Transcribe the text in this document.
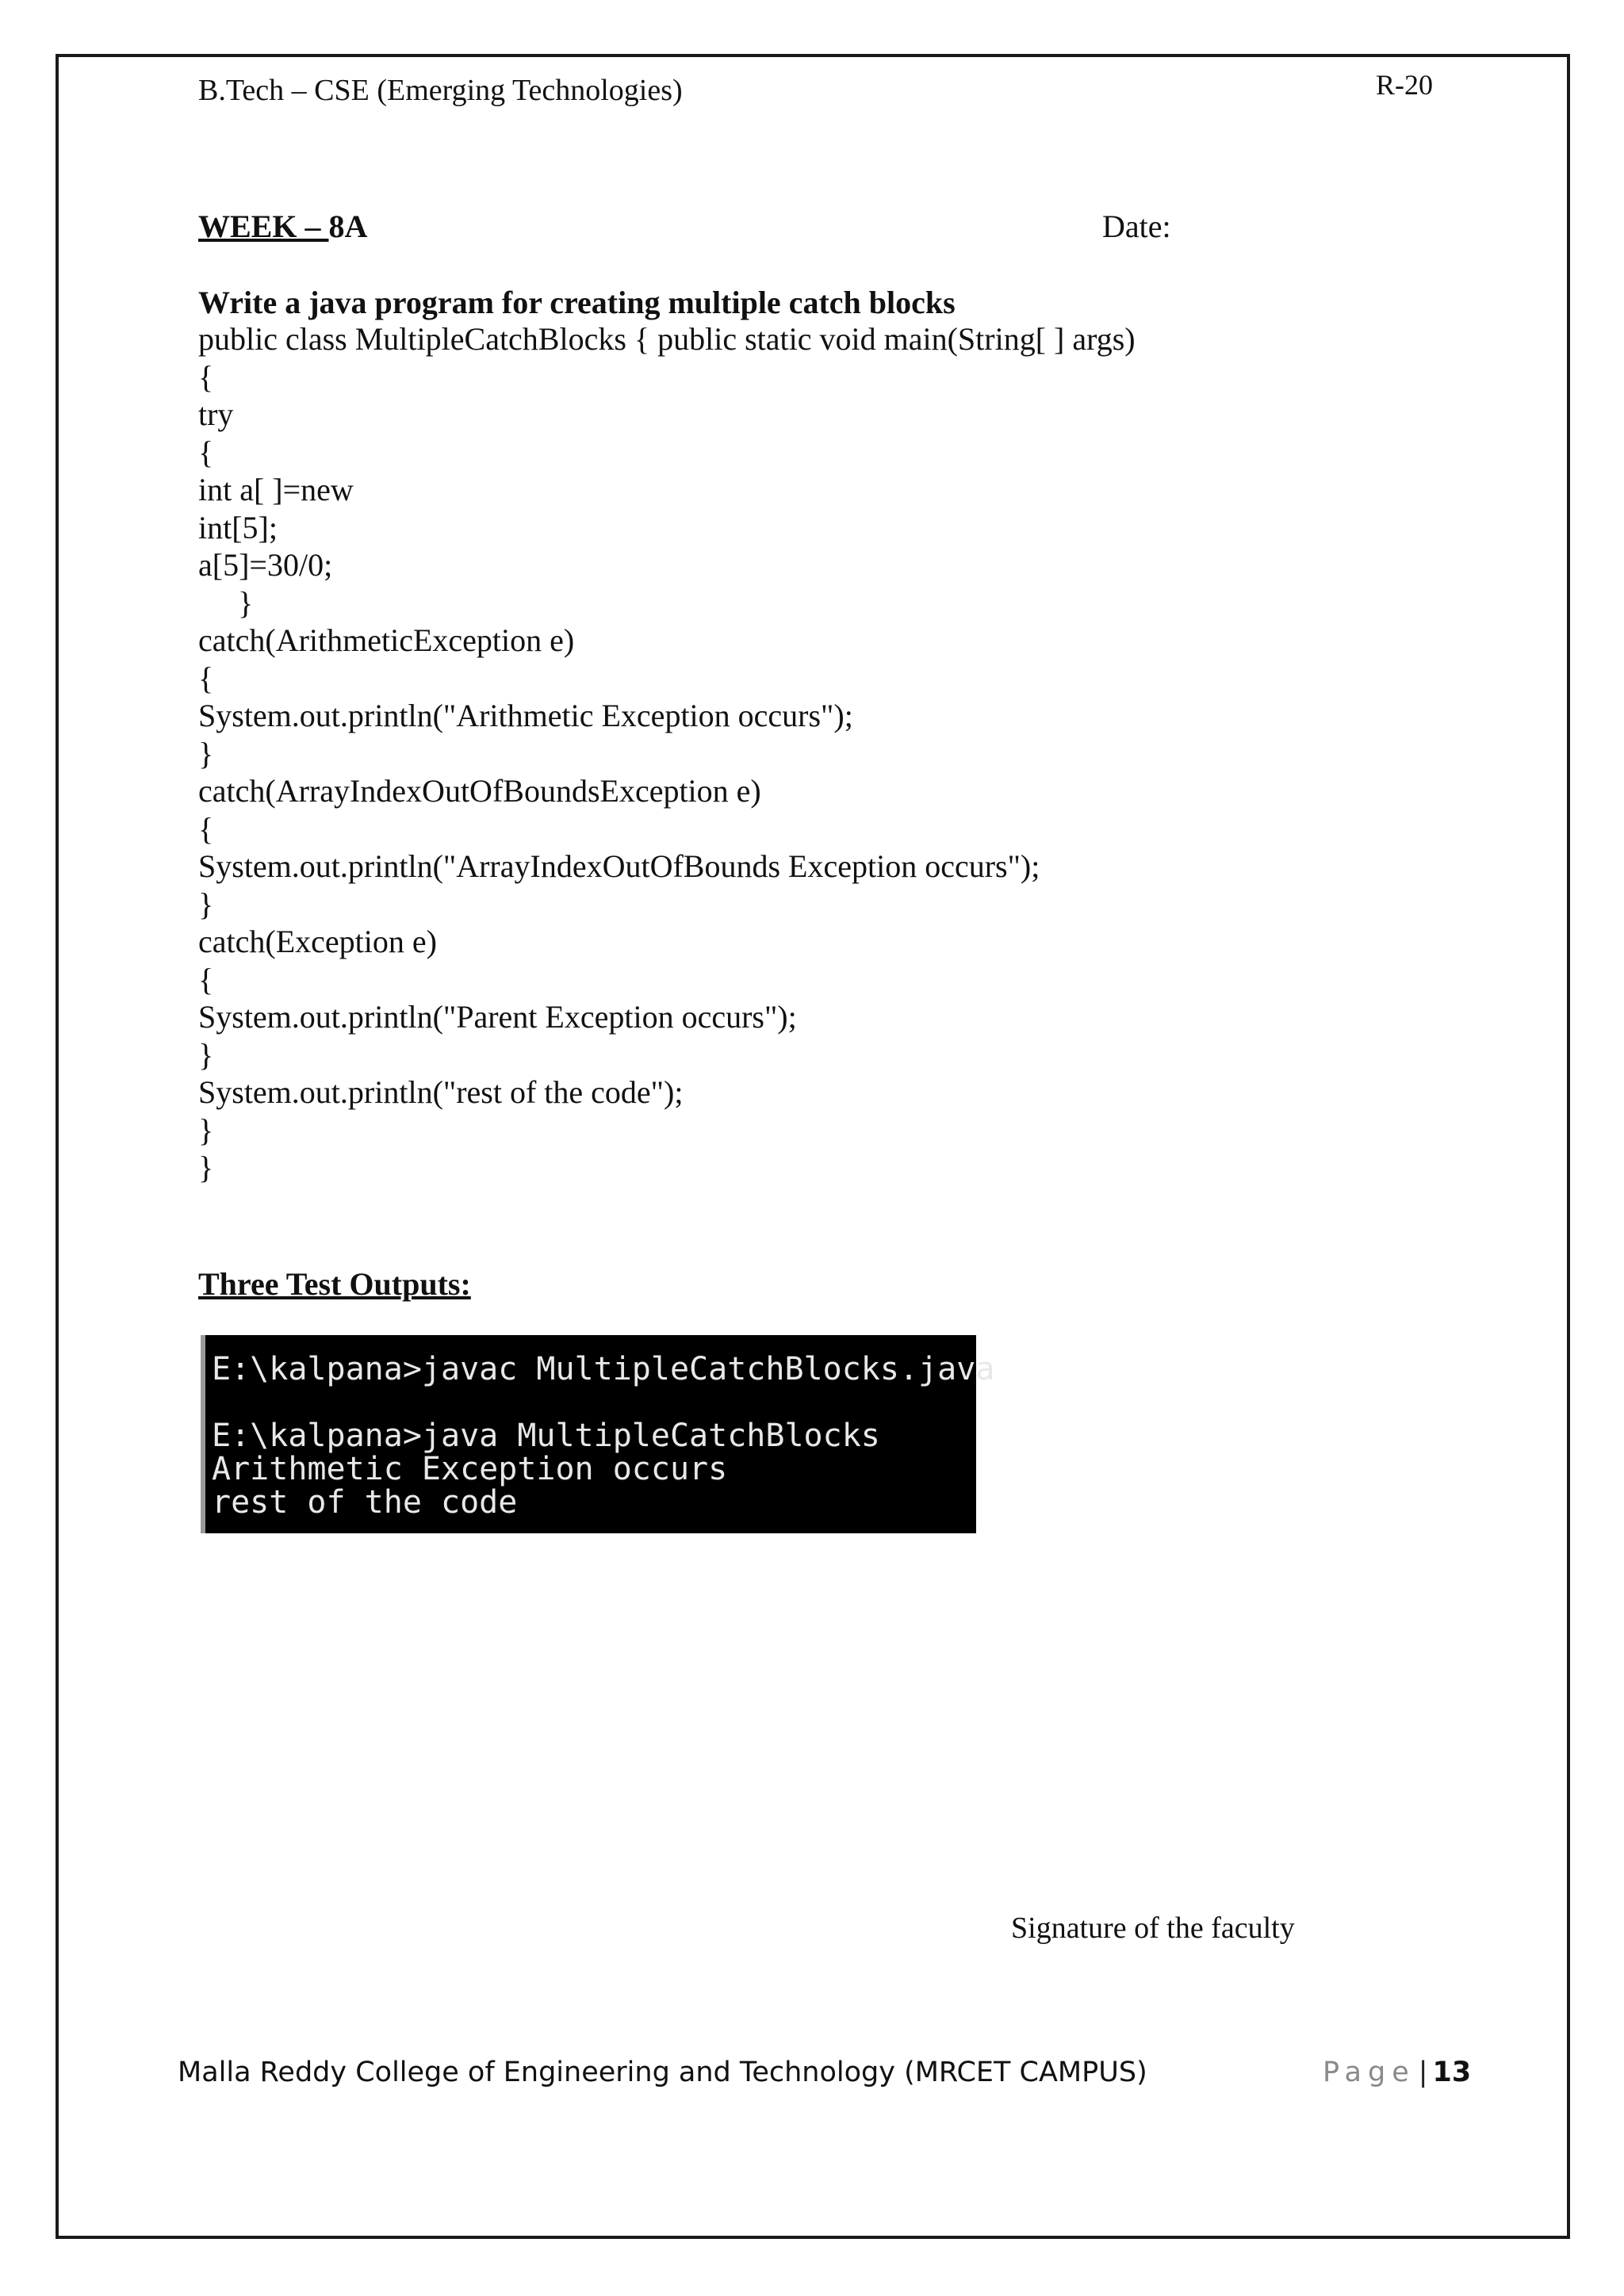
B.Tech – CSE (Emerging Technologies)	R-20
WEEK – 8A	Date:
Write a java program for creating multiple catch blocks
public class MultipleCatchBlocks { public static void main(String[ ] args)
{
try
{
int a[ ]=new
int[5];
a[5]=30/0;
}
catch(ArithmeticException e)
{
System.out.println("Arithmetic Exception occurs");
}
catch(ArrayIndexOutOfBoundsException e)
{
System.out.println("ArrayIndexOutOfBounds Exception occurs");
}
catch(Exception e)
{
System.out.println("Parent Exception occurs");
}
System.out.println("rest of the code");
}
}
Three Test Outputs:
E:\kalpana>javac MultipleCatchBlocks.java
E:\kalpana>java MultipleCatchBlocks
Arithmetic Exception occurs
rest of the code
Signature of the faculty
Malla Reddy College of Engineering and Technology (MRCET CAMPUS)	Page | 13
